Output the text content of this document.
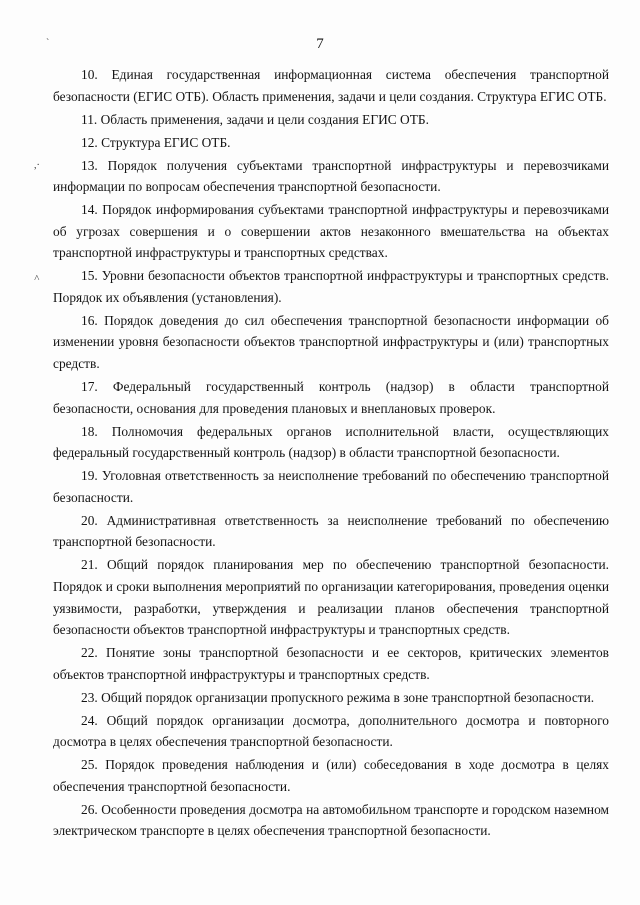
`	7
,·
˄

10. Единая государственная информационная система обеспечения транспортной безопасности (ЕГИС ОТБ). Область применения, задачи и цели создания. Структура ЕГИС ОТБ.

11. Область применения, задачи и цели создания ЕГИС ОТБ.

12. Структура ЕГИС ОТБ.

13. Порядок получения субъектами транспортной инфраструктуры и перевозчиками информации по вопросам обеспечения транспортной безопасности.

14. Порядок информирования субъектами транспортной инфраструктуры и перевозчиками об угрозах совершения и о совершении актов незаконного вмешательства на объектах транспортной инфраструктуры и транспортных средствах.

15. Уровни безопасности объектов транспортной инфраструктуры и транспортных средств. Порядок их объявления (установления).

16. Порядок доведения до сил обеспечения транспортной безопасности информации об изменении уровня безопасности объектов транспортной инфраструктуры и (или) транспортных средств.

17. Федеральный государственный контроль (надзор) в области транспортной безопасности, основания для проведения плановых и внеплановых проверок.

18. Полномочия федеральных органов исполнительной власти, осуществляющих федеральный государственный контроль (надзор) в области транспортной безопасности.

19. Уголовная ответственность за неисполнение требований по обеспечению транспортной безопасности.

20. Административная ответственность за неисполнение требований по обеспечению транспортной безопасности.

21. Общий порядок планирования мер по обеспечению транспортной безопасности. Порядок и сроки выполнения мероприятий по организации категорирования, проведения оценки уязвимости, разработки, утверждения и реализации планов обеспечения транспортной безопасности объектов транспортной инфраструктуры и транспортных средств.

22. Понятие зоны транспортной безопасности и ее секторов, критических элементов объектов транспортной инфраструктуры и транспортных средств.

23. Общий порядок организации пропускного режима в зоне транспортной безопасности.

24. Общий порядок организации досмотра, дополнительного досмотра и повторного досмотра в целях обеспечения транспортной безопасности.

25. Порядок проведения наблюдения и (или) собеседования в ходе досмотра в целях обеспечения транспортной безопасности.

26. Особенности проведения досмотра на автомобильном транспорте и городском наземном электрическом транспорте в целях обеспечения транспортной безопасности.
